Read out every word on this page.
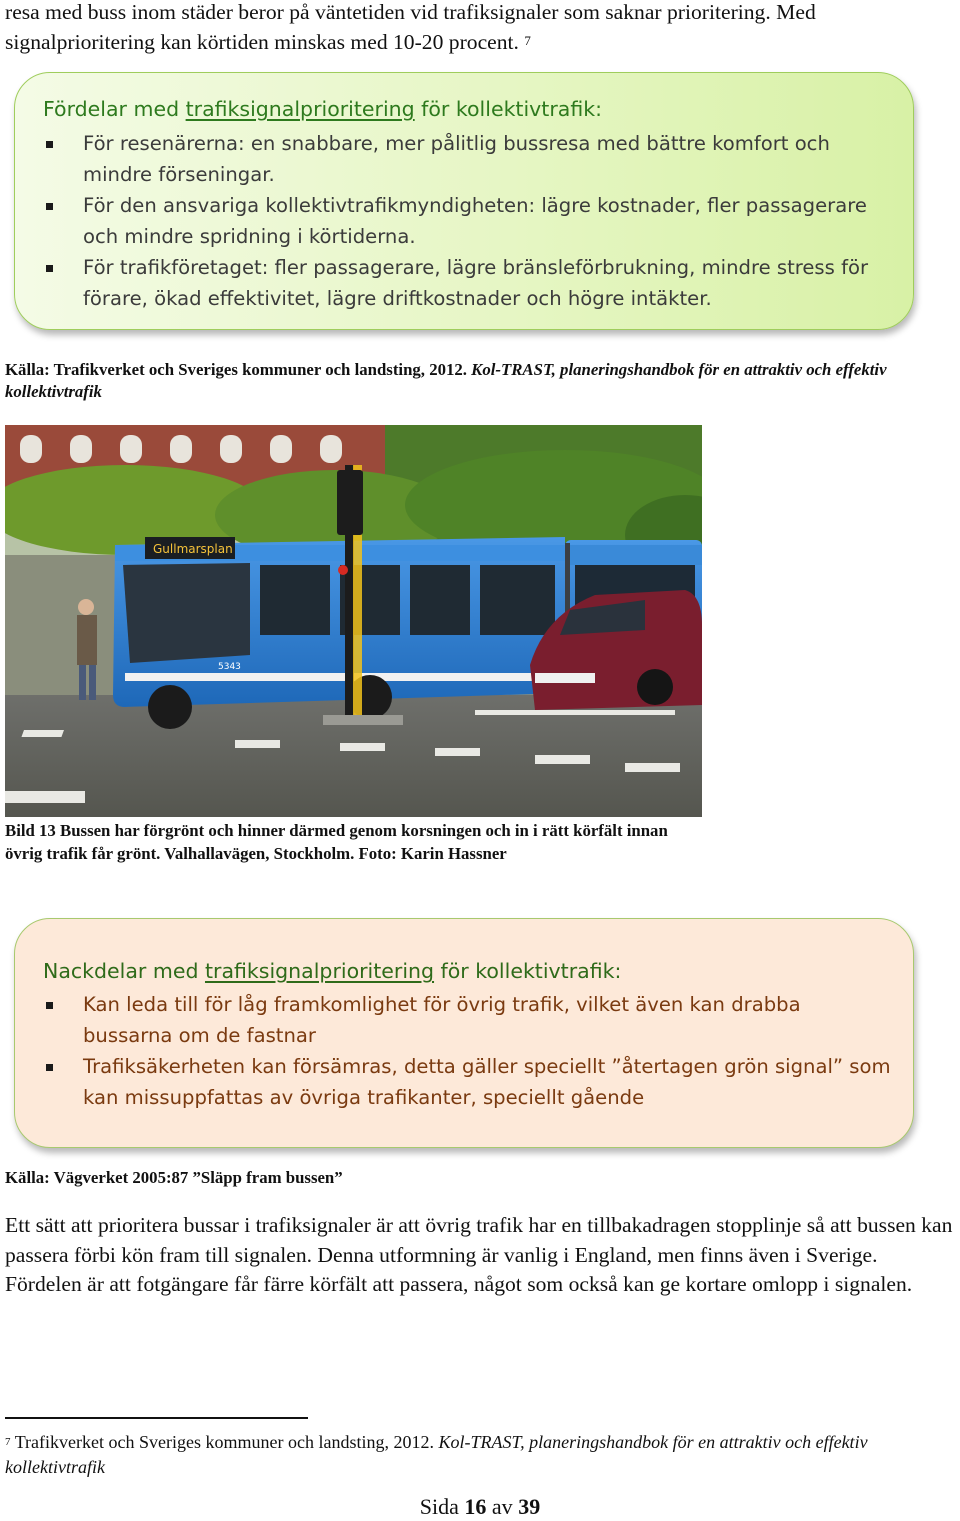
resa med buss inom städer beror på väntetiden vid trafiksignaler som saknar prioritering. Med
signalprioritering kan körtiden minskas med 10-20 procent. $^7$
Fördelar med trafiksignalprioritering för kollektivtrafik:
För resenärerna: en snabbare, mer pålitlig bussresa med bättre komfort och mindre förseningar.
För den ansvariga kollektivtrafikmyndigheten: lägre kostnader, fler passagerare och mindre spridning i körtiderna.
För trafikföretaget: fler passagerare, lägre bränsleförbrukning, mindre stress för förare, ökad effektivitet, lägre driftkostnader och högre intäkter.
Källa: Trafikverket och Sveriges kommuner och landsting, 2012. Kol-TRAST, planeringshandbok för en attraktiv och effektiv kollektivtrafik
Gullmarsplan
5343
Bild 13 Bussen har förgrönt och hinner därmed genom korsningen och in i rätt körfält innan övrig trafik får grönt. Valhallavägen, Stockholm. Foto: Karin Hassner
Nackdelar med trafiksignalprioritering för kollektivtrafik:
Kan leda till för låg framkomlighet för övrig trafik, vilket även kan drabba bussarna om de fastnar
Trafiksäkerheten kan försämras, detta gäller speciellt ”återtagen grön signal” som kan missuppfattas av övriga trafikanter, speciellt gående
Källa: Vägverket 2005:87 ”Släpp fram bussen”
Ett sätt att prioritera bussar i trafiksignaler är att övrig trafik har en tillbakadragen stopplinje så att bussen kan passera förbi kön fram till signalen. Denna utformning är vanlig i England, men finns även i Sverige. Fördelen är att fotgängare får färre körfält att passera, något som också kan ge kortare omlopp i signalen.
$^7$ Trafikverket och Sveriges kommuner och landsting, 2012. Kol-TRAST, planeringshandbok för en attraktiv och effektiv kollektivtrafik
Sida 16 av 39
